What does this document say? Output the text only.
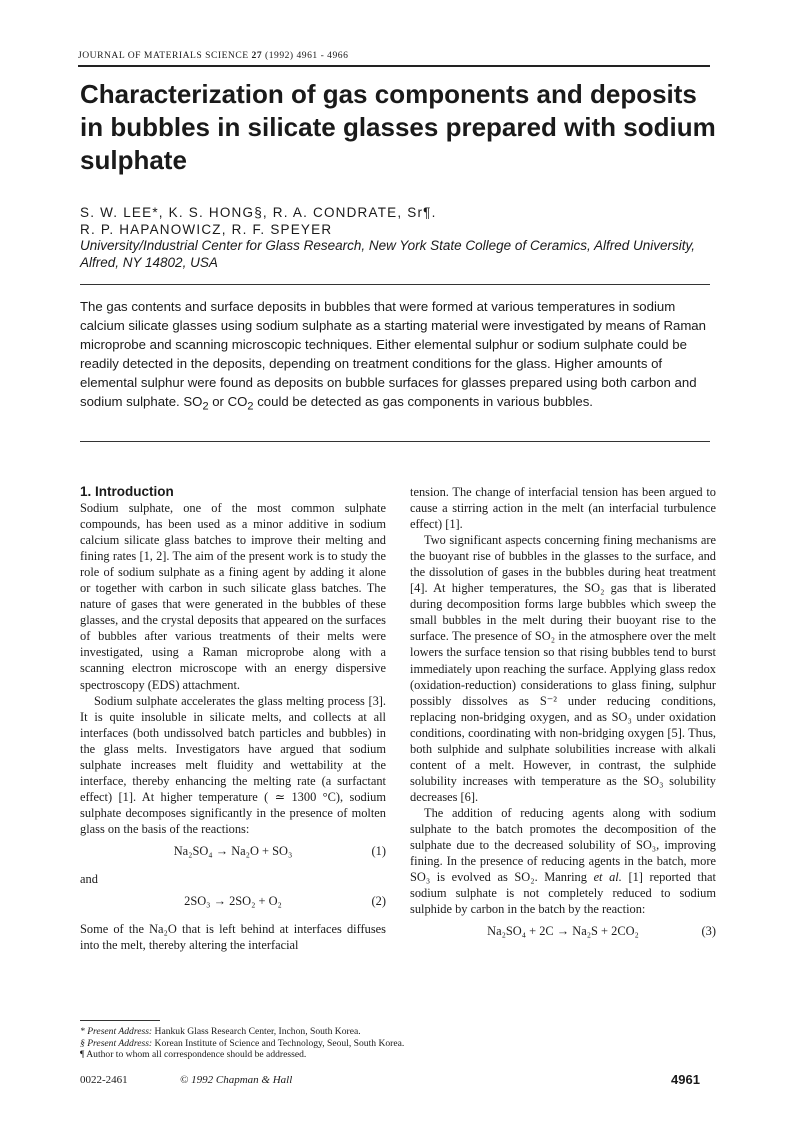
JOURNAL OF MATERIALS SCIENCE 27 (1992) 4961 - 4966
Characterization of gas components and deposits in bubbles in silicate glasses prepared with sodium sulphate
S. W. LEE*, K. S. HONG§, R. A. CONDRATE, Sr¶.
R. P. HAPANOWICZ, R. F. SPEYER
University/Industrial Center for Glass Research, New York State College of Ceramics, Alfred University, Alfred, NY 14802, USA
The gas contents and surface deposits in bubbles that were formed at various temperatures in sodium calcium silicate glasses using sodium sulphate as a starting material were investigated by means of Raman microprobe and scanning microscopic techniques. Either elemental sulphur or sodium sulphate could be readily detected in the deposits, depending on treatment conditions for the glass. Higher amounts of elemental sulphur were found as deposits on bubble surfaces for glasses prepared using both carbon and sodium sulphate. $SO_2$ or $CO_2$ could be detected as gas components in various bubbles.
1. Introduction

Sodium sulphate, one of the most common sulphate compounds, has been used as a minor additive in sodium calcium silicate glass batches to improve their melting and fining rates [1, 2]. The aim of the present work is to study the role of sodium sulphate as a fining agent by adding it alone or together with carbon in such silicate glass batches. The nature of gases that were generated in the bubbles of these glasses, and the crystal deposits that appeared on the surfaces of bubbles after various treatments of their melts were investigated, using a Raman microprobe along with a scanning electron microscope with an energy dispersive spectroscopy (EDS) attachment.

Sodium sulphate accelerates the glass melting process [3]. It is quite insoluble in silicate melts, and collects at all interfaces (both undissolved batch particles and bubbles) in the glass melts. Investigators have argued that sodium sulphate increases melt fluidity and wettability at the interface, thereby enhancing the melting rate (a surfactant effect) [1]. At higher temperature ( ≃ 1300 °C), sodium sulphate decomposes significantly in the presence of molten glass on the basis of the reactions:

Na₂SO₄ → Na₂O + SO₃	(1)

and

2SO₃ → 2SO₂ + O₂	(2)

Some of the Na₂O that is left behind at interfaces diffuses into the melt, thereby altering the interfacial

tension. The change of interfacial tension has been argued to cause a stirring action in the melt (an interfacial turbulence effect) [1].

Two significant aspects concerning fining mechanisms are the buoyant rise of bubbles in the glasses to the surface, and the dissolution of gases in the bubbles during heat treatment [4]. At higher temperatures, the SO₂ gas that is liberated during decomposition forms large bubbles which sweep the small bubbles in the melt during their buoyant rise to the surface. The presence of SO₂ in the atmosphere over the melt lowers the surface tension so that rising bubbles tend to burst immediately upon reaching the surface. Applying glass redox (oxidation-reduction) considerations to glass fining, sulphur possibly dissolves as S⁻² under reducing conditions, replacing non-bridging oxygen, and as SO₃ under oxidation conditions, coordinating with non-bridging oxygen [5]. Thus, both sulphide and sulphate solubilities increase with alkali content of a melt. However, in contrast, the sulphide solubility increases with temperature as the SO₃ solubility decreases [6].

The addition of reducing agents along with sodium sulphate to the batch promotes the decomposition of the sulphate due to the decreased solubility of SO₃, improving fining. In the presence of reducing agents in the batch, more SO₃ is evolved as SO₂. Manring et al. [1] reported that sodium sulphate is not completely reduced to sodium sulphide by carbon in the batch by the reaction:

Na₂SO₄ + 2C → Na₂S + 2CO₂	(3)
* Present Address: Hankuk Glass Research Center, Inchon, South Korea.
§ Present Address: Korean Institute of Science and Technology, Seoul, South Korea.
¶ Author to whom all correspondence should be addressed.
0022-2461	© 1992 Chapman & Hall	4961
